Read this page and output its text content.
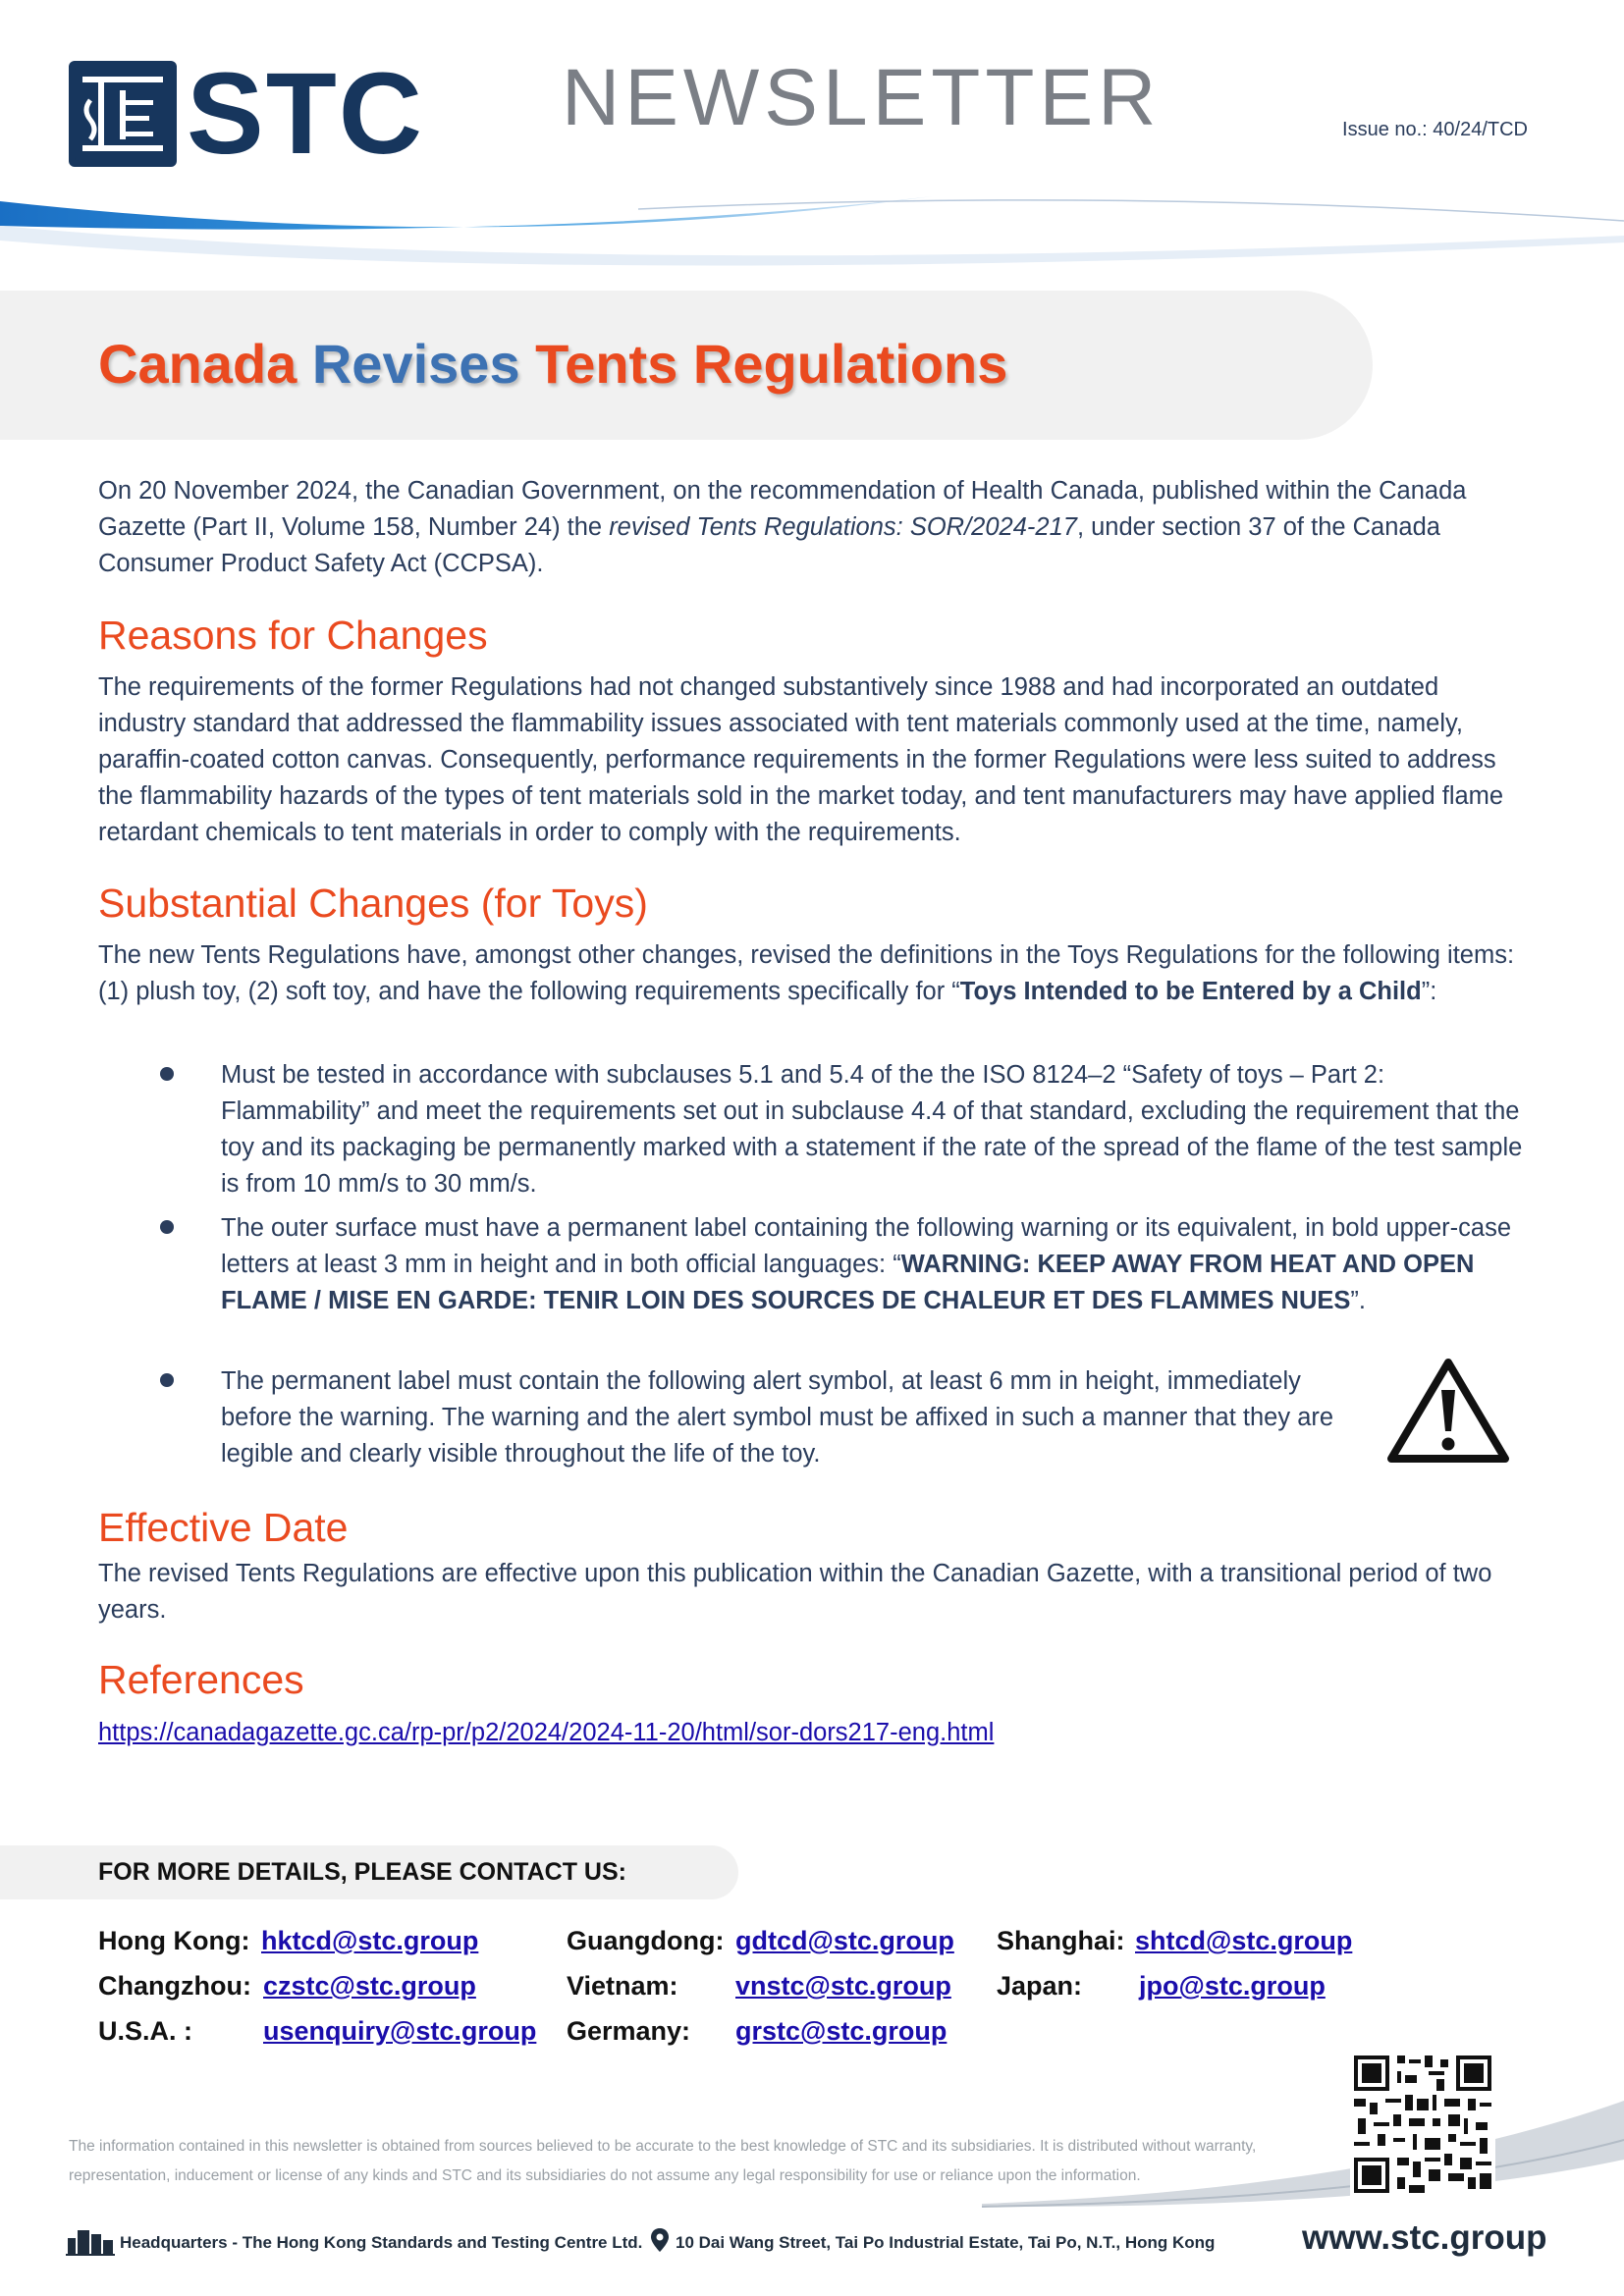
STC NEWSLETTER	Issue no.: 40/24/TCD
Canada Revises Tents Regulations
On 20 November 2024, the Canadian Government, on the recommendation of Health Canada, published within the Canada Gazette (Part II, Volume 158, Number 24) the revised Tents Regulations: SOR/2024-217, under section 37 of the Canada Consumer Product Safety Act (CCPSA).
Reasons for Changes
The requirements of the former Regulations had not changed substantively since 1988 and had incorporated an outdated industry standard that addressed the flammability issues associated with tent materials commonly used at the time, namely, paraffin-coated cotton canvas. Consequently, performance requirements in the former Regulations were less suited to address the flammability hazards of the types of tent materials sold in the market today, and tent manufacturers may have applied flame retardant chemicals to tent materials in order to comply with the requirements.
Substantial Changes (for Toys)
The new Tents Regulations have, amongst other changes, revised the definitions in the Toys Regulations for the following items: (1) plush toy, (2) soft toy, and have the following requirements specifically for “Toys Intended to be Entered by a Child”:
Must be tested in accordance with subclauses 5.1 and 5.4 of the the ISO 8124–2 “Safety of toys – Part 2: Flammability” and meet the requirements set out in subclause 4.4 of that standard, excluding the requirement that the toy and its packaging be permanently marked with a statement if the rate of the spread of the flame of the test sample is from 10 mm/s to 30 mm/s.
The outer surface must have a permanent label containing the following warning or its equivalent, in bold upper-case letters at least 3 mm in height and in both official languages: “WARNING: KEEP AWAY FROM HEAT AND OPEN FLAME / MISE EN GARDE: TENIR LOIN DES SOURCES DE CHALEUR ET DES FLAMMES NUES”.
The permanent label must contain the following alert symbol, at least 6 mm in height, immediately before the warning. The warning and the alert symbol must be affixed in such a manner that they are legible and clearly visible throughout the life of the toy.
Effective Date
The revised Tents Regulations are effective upon this publication within the Canadian Gazette, with a transitional period of two years.
References
https://canadagazette.gc.ca/rp-pr/p2/2024/2024-11-20/html/sor-dors217-eng.html
FOR MORE DETAILS, PLEASE CONTACT US:
Hong Kong: hktcd@stc.group	Guangdong: gdtcd@stc.group Shanghai: shtcd@stc.group
Changzhou: czstc@stc.group	Vietnam: vnstc@stc.group Japan: jpo@stc.group
U.S.A. :	usenquiry@stc.group Germany: grstc@stc.group
The information contained in this newsletter is obtained from sources believed to be accurate to the best knowledge of STC and its subsidiaries. It is distributed without warranty, representation, inducement or license of any kinds and STC and its subsidiaries do not assume any legal responsibility for use or reliance upon the information.
Headquarters - The Hong Kong Standards and Testing Centre Ltd. 10 Dai Wang Street, Tai Po Industrial Estate, Tai Po, N.T., Hong Kong	www.stc.group
